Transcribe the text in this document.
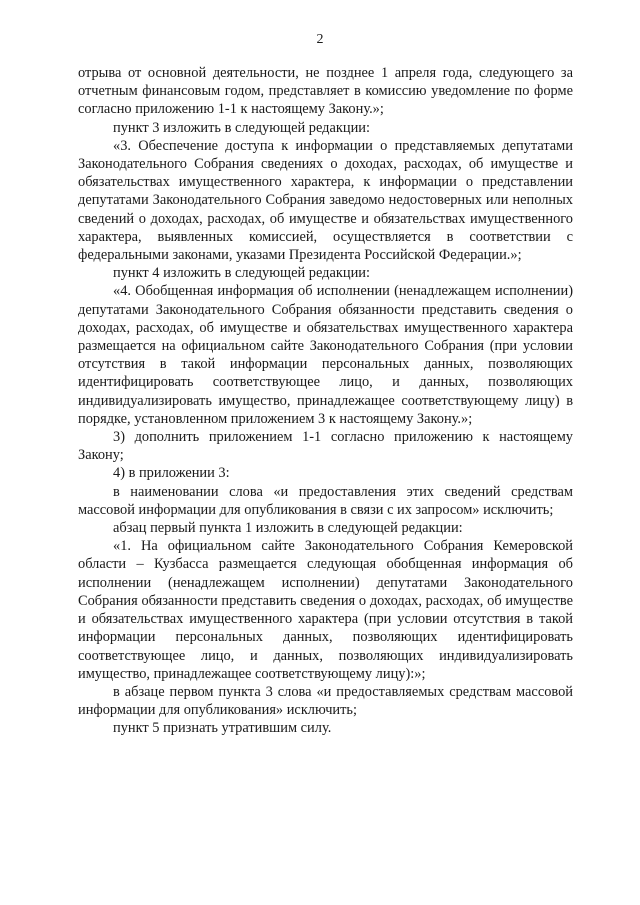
2

отрыва от основной деятельности, не позднее 1 апреля года, следующего за отчетным финансовым годом, представляет в комиссию уведомление по форме согласно приложению 1-1 к настоящему Закону.»;

пункт 3 изложить в следующей редакции:

«3. Обеспечение доступа к информации о представляемых депутатами Законодательного Собрания сведениях о доходах, расходах, об имуществе и обязательствах имущественного характера, к информации о представлении депутатами Законодательного Собрания заведомо недостоверных или неполных сведений о доходах, расходах, об имуществе и обязательствах имущественного характера, выявленных комиссией, осуществляется в соответствии с федеральными законами, указами Президента Российской Федерации.»;

пункт 4 изложить в следующей редакции:

«4. Обобщенная информация об исполнении (ненадлежащем исполнении) депутатами Законодательного Собрания обязанности представить сведения о доходах, расходах, об имуществе и обязательствах имущественного характера размещается на официальном сайте Законодательного Собрания (при условии отсутствия в такой информации персональных данных, позволяющих идентифицировать соответствующее лицо, и данных, позволяющих индивидуализировать имущество, принадлежащее соответствующему лицу) в порядке, установленном приложением 3 к настоящему Закону.»;

3) дополнить приложением 1-1 согласно приложению к настоящему Закону;

4) в приложении 3:

в наименовании слова «и предоставления этих сведений средствам массовой информации для опубликования в связи с их запросом» исключить;

абзац первый пункта 1 изложить в следующей редакции:

«1. На официальном сайте Законодательного Собрания Кемеровской области – Кузбасса размещается следующая обобщенная информация об исполнении (ненадлежащем исполнении) депутатами Законодательного Собрания обязанности представить сведения о доходах, расходах, об имуществе и обязательствах имущественного характера (при условии отсутствия в такой информации персональных данных, позволяющих идентифицировать соответствующее лицо, и данных, позволяющих индивидуализировать имущество, принадлежащее соответствующему лицу):»;

в абзаце первом пункта 3 слова «и предоставляемых средствам массовой информации для опубликования» исключить;

пункт 5 признать утратившим силу.
